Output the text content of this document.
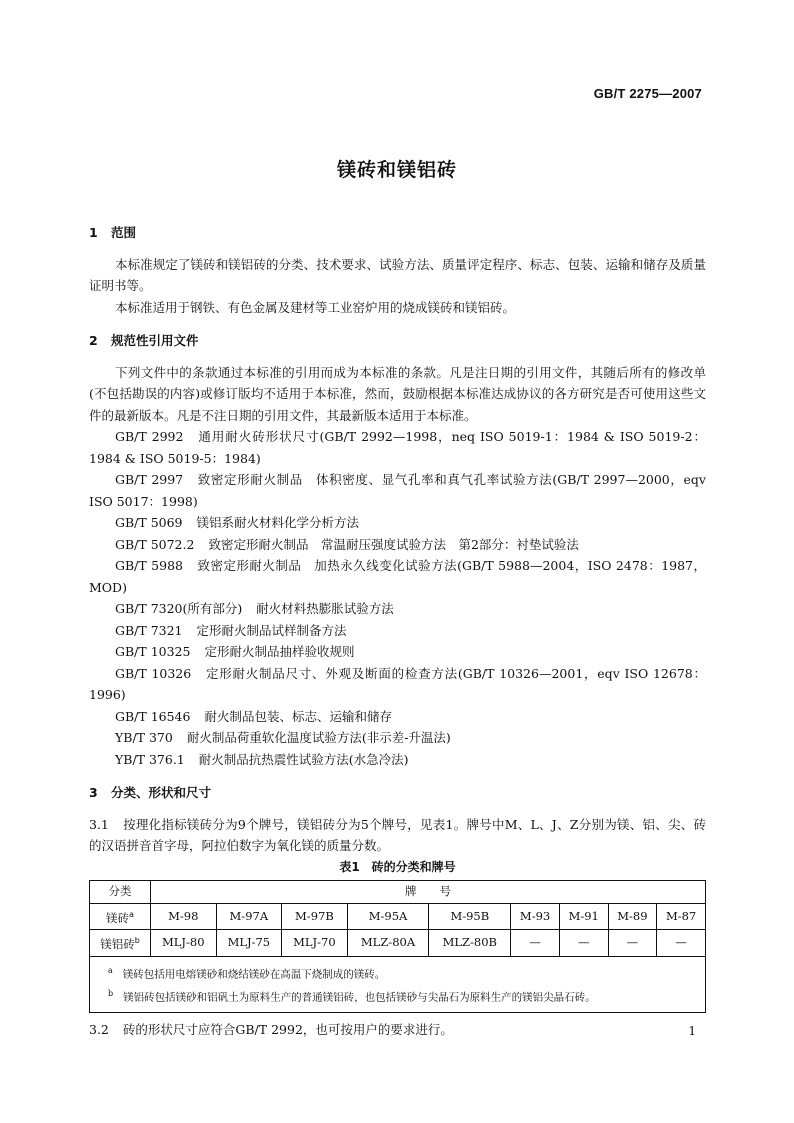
GB/T 2275—2007
镁砖和镁铝砖
1 范围

本标准规定了镁砖和镁铝砖的分类、技术要求、试验方法、质量评定程序、标志、包装、运输和储存及质量证明书等。

本标准适用于钢铁、有色金属及建材等工业窑炉用的烧成镁砖和镁铝砖。

2 规范性引用文件

下列文件中的条款通过本标准的引用而成为本标准的条款。凡是注日期的引用文件，其随后所有的修改单(不包括勘误的内容)或修订版均不适用于本标准，然而，鼓励根据本标准达成协议的各方研究是否可使用这些文件的最新版本。凡是不注日期的引用文件，其最新版本适用于本标准。

GB/T 2992 通用耐火砖形状尺寸(GB/T 2992—1998，neq ISO 5019-1：1984 & ISO 5019-2：1984 & ISO 5019-5：1984)

GB/T 2997 致密定形耐火制品　体积密度、显气孔率和真气孔率试验方法(GB/T 2997—2000，eqv ISO 5017：1998)

GB/T 5069 镁铝系耐火材料化学分析方法

GB/T 5072.2 致密定形耐火制品　常温耐压强度试验方法　第2部分：衬垫试验法

GB/T 5988 致密定形耐火制品　加热永久线变化试验方法(GB/T 5988—2004，ISO 2478：1987，MOD)

GB/T 7320(所有部分) 耐火材料热膨胀试验方法

GB/T 7321 定形耐火制品试样制备方法

GB/T 10325 定形耐火制品抽样验收规则

GB/T 10326 定形耐火制品尺寸、外观及断面的检查方法(GB/T 10326—2001，eqv ISO 12678：1996)

GB/T 16546 耐火制品包装、标志、运输和储存

YB/T 370 耐火制品荷重软化温度试验方法(非示差-升温法)

YB/T 376.1 耐火制品抗热震性试验方法(水急冷法)

3 分类、形状和尺寸

3.1 按理化指标镁砖分为9个牌号，镁铝砖分为5个牌号，见表1。牌号中M、L、J、Z分别为镁、铝、尖、砖的汉语拼音首字母，阿拉伯数字为氧化镁的质量分数。

表1　砖的分类和牌号
分类	牌　　号								
镁砖$^a$	M-98	M-97A	M-97B	M-95A	M-95B	M-93	M-91	M-89	M-87
镁铝砖$^b$	MLJ-80	MLJ-75	MLJ-70	MLZ-80A	MLZ-80B	—	—	—	—

$^a$ 镁砖包括用电熔镁砂和烧结镁砂在高温下烧制成的镁砖。
$^b$ 镁铝砖包括镁砂和铝矾土为原料生产的普通镁铝砖，也包括镁砂与尖晶石为原料生产的镁铝尖晶石砖。									

3.2 砖的形状尺寸应符合GB/T 2992，也可按用户的要求进行。	1
